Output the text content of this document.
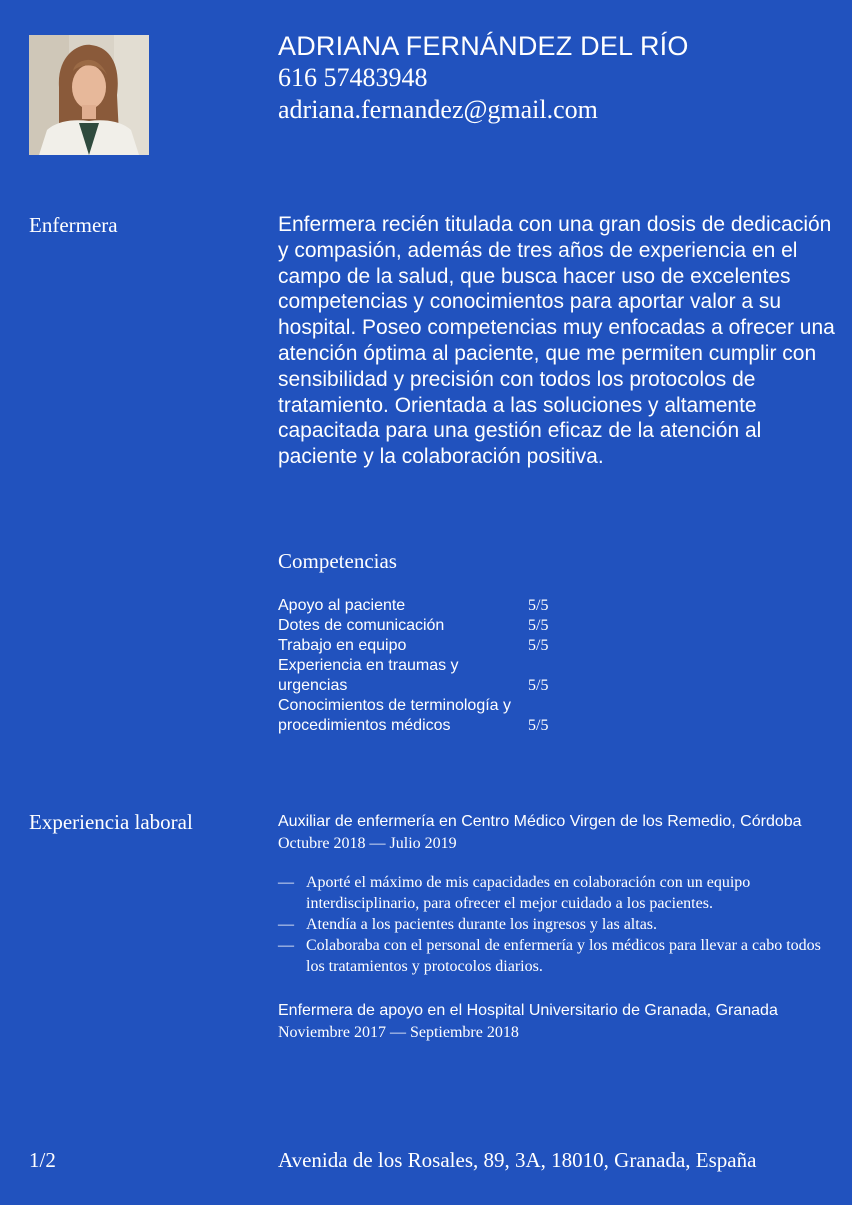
ADRIANA FERNÁNDEZ DEL RÍO
616 57483948
adriana.fernandez@gmail.com
Enfermera	Enfermera recién titulada con una gran dosis de dedicación y compasión, además de tres años de experiencia en el campo de la salud, que busca hacer uso de excelentes competencias y conocimientos para aportar valor a su hospital. Poseo competencias muy enfocadas a ofrecer una atención óptima al paciente, que me permiten cumplir con sensibilidad y precisión con todos los protocolos de tratamiento. Orientada a las soluciones y altamente capacitada para una gestión eficaz de la atención al paciente y la colaboración positiva.
Competencias
Apoyo al paciente	5/5
Dotes de comunicación	5/5
Trabajo en equipo	5/5
Experiencia en traumas y urgencias	5/5
Conocimientos de terminología y procedimientos médicos	5/5
Experiencia laboral	Auxiliar de enfermería en Centro Médico Virgen de los Remedio, Córdoba
Octubre 2018 — Julio 2019
— Aporté el máximo de mis capacidades en colaboración con un equipo interdisciplinario, para ofrecer el mejor cuidado a los pacientes.
— Atendía a los pacientes durante los ingresos y las altas.
— Colaboraba con el personal de enfermería y los médicos para llevar a cabo todos los tratamientos y protocolos diarios.
Enfermera de apoyo en el Hospital Universitario de Granada, Granada
Noviembre 2017 — Septiembre 2018
1/2	Avenida de los Rosales, 89, 3A, 18010, Granada, España
